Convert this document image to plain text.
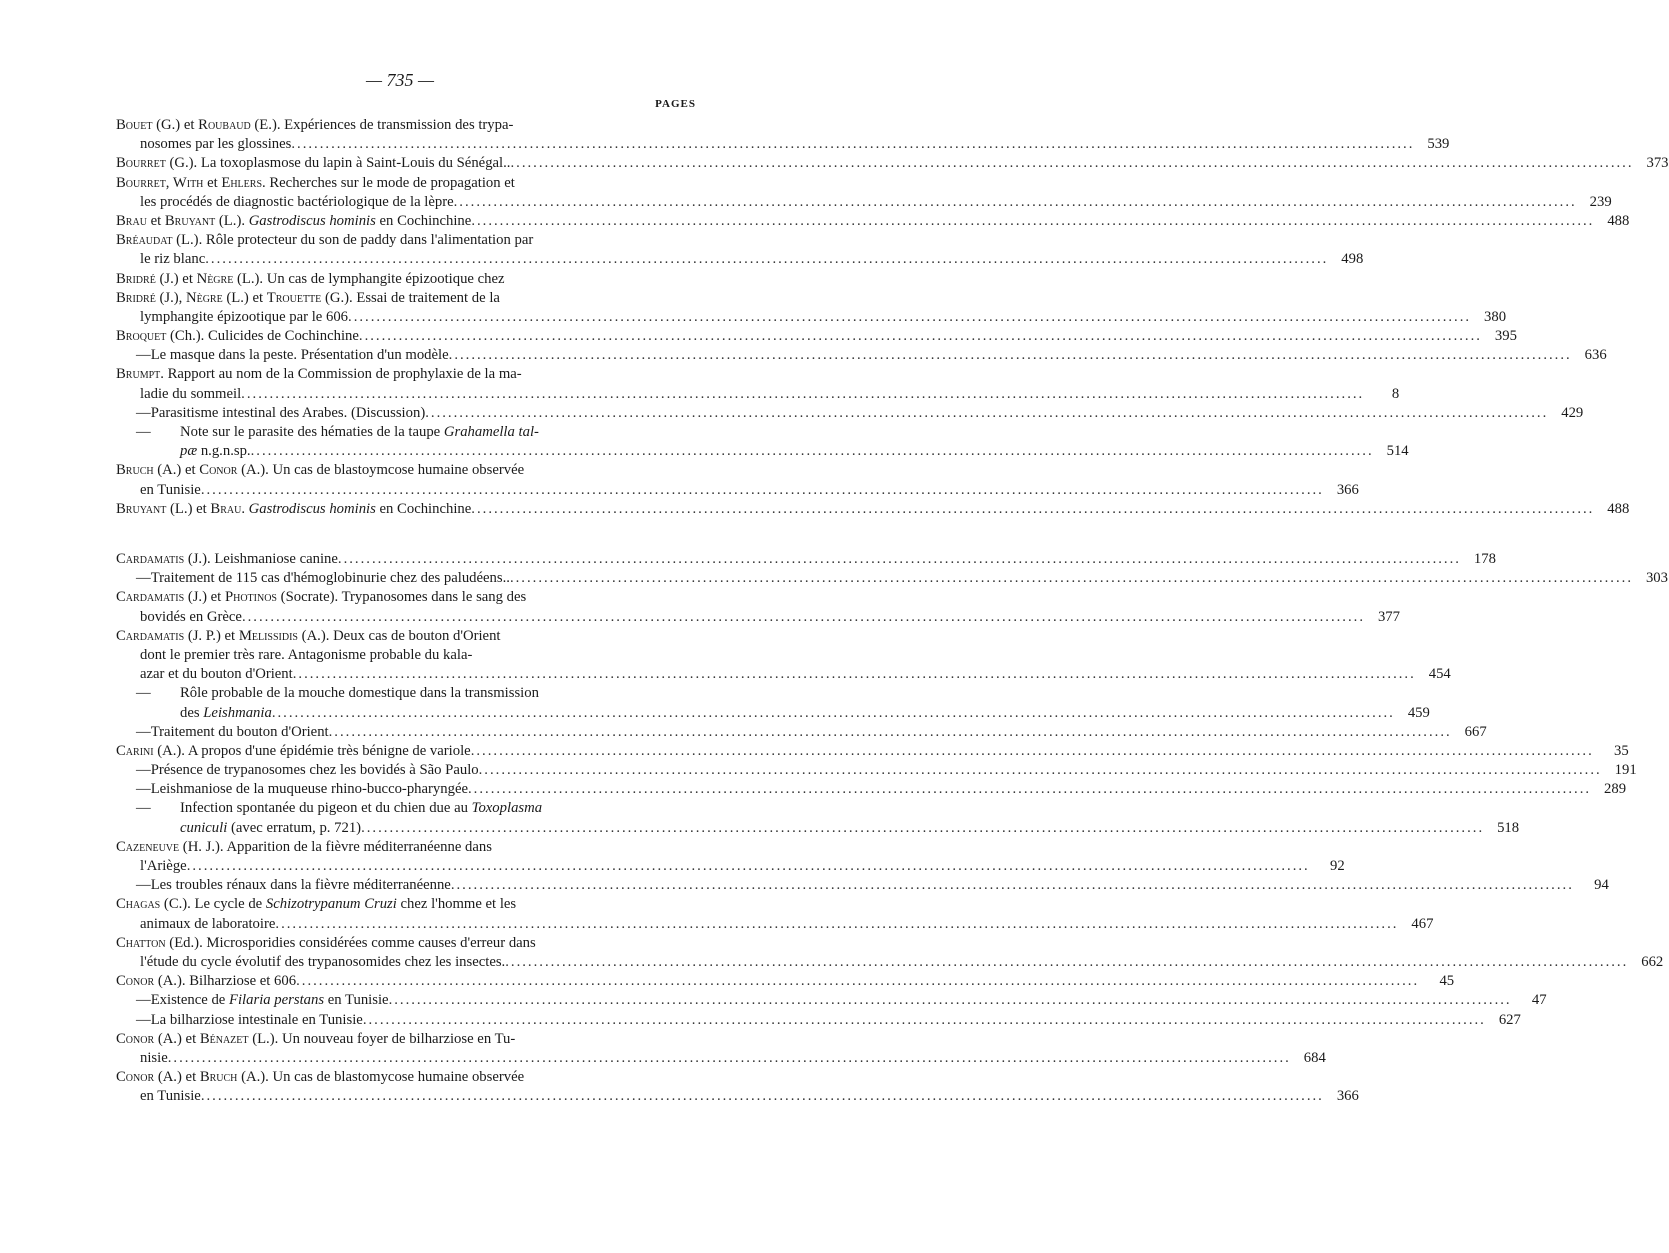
— 735 —
PAGES
Bouet (G.) et Roubaud (E.). Expériences de transmission des trypa-
nosomes par les glossines .....	539
Bourret (G.). La toxoplasmose du lapin à Saint-Louis du Sénégal.. .....	373
Bourret, With et Ehlers. Recherches sur le mode de propagation et
les procédés de diagnostic bactériologique de la lèpre .....	239
Brau et Bruyant (L.). Gastrodiscus hominis en Cochinchine .....	488
Bréaudat (L.). Rôle protecteur du son de paddy dans l'alimentation par
le riz blanc .....	498
Bridré (J.) et Nègre (L.). Un cas de lymphangite épizootique chez
Bridré (J.), Nègre (L.) et Trouette (G.). Essai de traitement de la
lymphangite épizootique par le 606 .....	380
Broquet (Ch.). Culicides de Cochinchine .....	395
— Le masque dans la peste. Présentation d'un modèle .....	636
Brumpt. Rapport au nom de la Commission de prophylaxie de la ma-
ladie du sommeil .....	8
— Parasitisme intestinal des Arabes. (Discussion) .....	429
—	Note sur le parasite des hématies de la taupe Grahamella tal-
pæ n.g.n.sp. .....	514
Bruch (A.) et Conor (A.). Un cas de blastoymcose humaine observée
en Tunisie .....	366
Bruyant (L.) et Brau. Gastrodiscus hominis en Cochinchine .....	488
Cardamatis (J.). Leishmaniose canine .....	178
— Traitement de 115 cas d'hémoglobinurie chez des paludéens.. .....	303
Cardamatis (J.) et Photinos (Socrate). Trypanosomes dans le sang des
bovidés en Grèce .....	377
Cardamatis (J. P.) et Melissidis (A.). Deux cas de bouton d'Orient
dont le premier très rare. Antagonisme probable du kala-
azar et du bouton d'Orient .....	454
—	Rôle probable de la mouche domestique dans la transmission
des Leishmania .....	459
— Traitement du bouton d'Orient .....	667
Carini (A.). A propos d'une épidémie très bénigne de variole .....	35
— Présence de trypanosomes chez les bovidés à São Paulo .....	191
— Leishmaniose de la muqueuse rhino-bucco-pharyngée .....	289
—	Infection spontanée du pigeon et du chien due au Toxoplasma
cuniculi (avec erratum, p. 721) .....	518
Cazeneuve (H. J.). Apparition de la fièvre méditerranéenne dans
l'Ariège .....	92
— Les troubles rénaux dans la fièvre méditerranéenne .....	94
Chagas (C.). Le cycle de Schizotrypanum Cruzi chez l'homme et les
animaux de laboratoire .....	467
Chatton (Ed.). Microsporidies considérées comme causes d'erreur dans
l'étude du cycle évolutif des trypanosomides chez les insectes. .....	662
Conor (A.). Bilharziose et 606 .....	45
— Existence de Filaria perstans en Tunisie .....	47
— La bilharziose intestinale en Tunisie .....	627
Conor (A.) et Bénazet (L.). Un nouveau foyer de bilharziose en Tu-
nisie .....	684
Conor (A.) et Bruch (A.). Un cas de blastomycose humaine observée
en Tunisie .....	366
